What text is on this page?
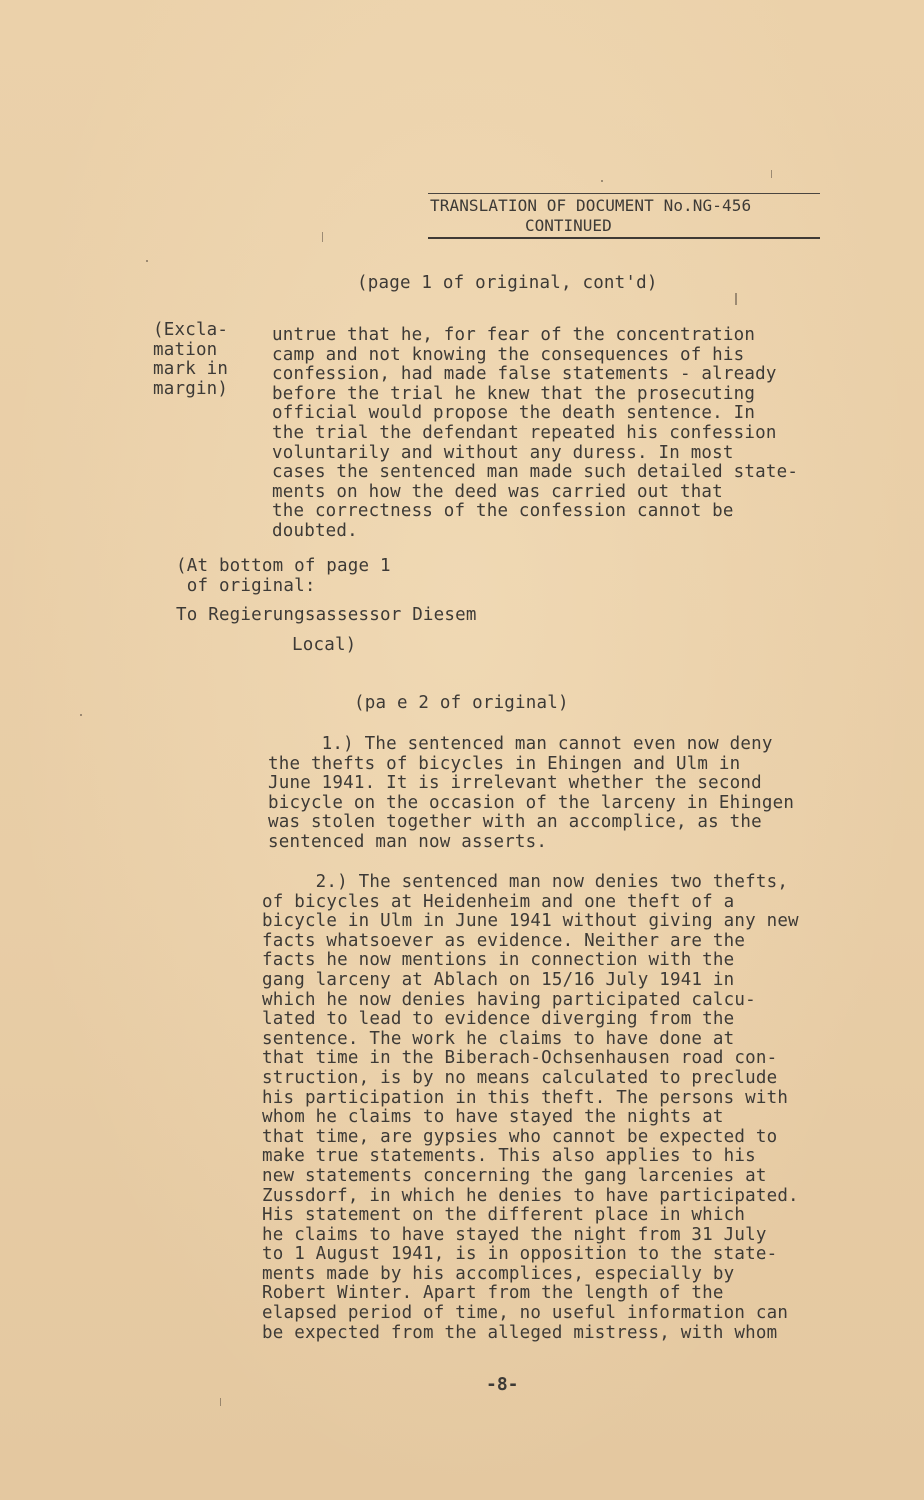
TRANSLATION OF DOCUMENT No.NG-456
CONTINUED
(page 1 of original, cont'd)
(Excla-
mation
mark in
margin)
untrue that he, for fear of the concentration
camp and not knowing the consequences of his
confession, had made false statements - already
before the trial he knew that the prosecuting
official would propose the death sentence. In
the trial the defendant repeated his confession
voluntarily and without any duress. In most
cases the sentenced man made such detailed state-
ments on how the deed was carried out that
the correctness of the confession cannot be
doubted.
(At bottom of page 1
of original:
To Regierungsassessor Diesem
Local)
(pa e 2 of original)
1.) The sentenced man cannot even now deny
the thefts of bicycles in Ehingen and Ulm in
June 1941. It is irrelevant whether the second
bicycle on the occasion of the larceny in Ehingen
was stolen together with an accomplice, as the
sentenced man now asserts.
2.) The sentenced man now denies two thefts,
of bicycles at Heidenheim and one theft of a
bicycle in Ulm in June 1941 without giving any new
facts whatsoever as evidence. Neither are the
facts he now mentions in connection with the
gang larceny at Ablach on 15/16 July 1941 in
which he now denies having participated calcu-
lated to lead to evidence diverging from the
sentence. The work he claims to have done at
that time in the Biberach-Ochsenhausen road con-
struction, is by no means calculated to preclude
his participation in this theft. The persons with
whom he claims to have stayed the nights at
that time, are gypsies who cannot be expected to
make true statements. This also applies to his
new statements concerning the gang larcenies at
Zussdorf, in which he denies to have participated.
His statement on the different place in which
he claims to have stayed the night from 31 July
to 1 August 1941, is in opposition to the state-
ments made by his accomplices, especially by
Robert Winter. Apart from the length of the
elapsed period of time, no useful information can
be expected from the alleged mistress, with whom
-8-
